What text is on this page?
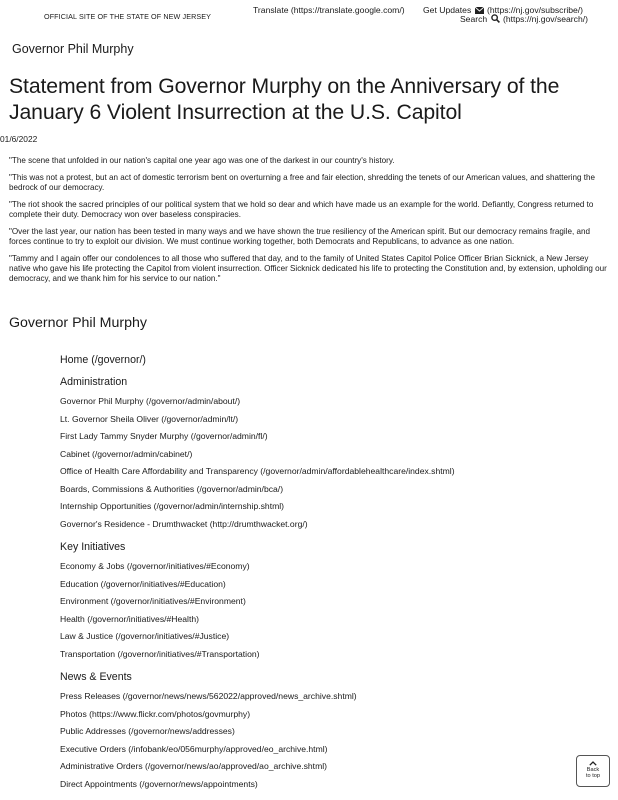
OFFICIAL SITE OF THE STATE OF NEW JERSEY
Translate (https://translate.google.com/) Get Updates (https://nj.gov/subscribe/)
Search (https://nj.gov/search/)
Governor Phil Murphy
Statement from Governor Murphy on the Anniversary of the January 6 Violent Insurrection at the U.S. Capitol
01/6/2022

"The scene that unfolded in our nation's capital one year ago was one of the darkest in our country's history.

"This was not a protest, but an act of domestic terrorism bent on overturning a free and fair election, shredding the tenets of our American values, and shattering the bedrock of our democracy.

"The riot shook the sacred principles of our political system that we hold so dear and which have made us an example for the world. Defiantly, Congress returned to complete their duty. Democracy won over baseless conspiracies.

"Over the last year, our nation has been tested in many ways and we have shown the true resiliency of the American spirit. But our democracy remains fragile, and forces continue to try to exploit our division. We must continue working together, both Democrats and Republicans, to advance as one nation.

"Tammy and I again offer our condolences to all those who suffered that day, and to the family of United States Capitol Police Officer Brian Sicknick, a New Jersey native who gave his life protecting the Capitol from violent insurrection. Officer Sicknick dedicated his life to protecting the Constitution and, by extension, upholding our democracy, and we thank him for his service to our nation."

Governor Phil Murphy
Home (/governor/)
Administration
Governor Phil Murphy (/governor/admin/about/)
Lt. Governor Sheila Oliver (/governor/admin/lt/)
First Lady Tammy Snyder Murphy (/governor/admin/fl/)
Cabinet (/governor/admin/cabinet/)
Office of Health Care Affordability and Transparency (/governor/admin/affordablehealthcare/index.shtml)
Boards, Commissions & Authorities (/governor/admin/bca/)
Internship Opportunities (/governor/admin/internship.shtml)
Governor's Residence - Drumthwacket (http://drumthwacket.org/)
Key Initiatives
Economy & Jobs (/governor/initiatives/#Economy)
Education (/governor/initiatives/#Education)
Environment (/governor/initiatives/#Environment)
Health (/governor/initiatives/#Health)
Law & Justice (/governor/initiatives/#Justice)
Transportation (/governor/initiatives/#Transportation)
News & Events
Press Releases (/governor/news/news/562022/approved/news_archive.shtml)
Photos (https://www.flickr.com/photos/govmurphy)
Public Addresses (/governor/news/addresses)
Executive Orders (/infobank/eo/056murphy/approved/eo_archive.html)
Administrative Orders (/governor/news/ao/approved/ao_archive.shtml)
Direct Appointments (/governor/news/appointments)
Back
to top
